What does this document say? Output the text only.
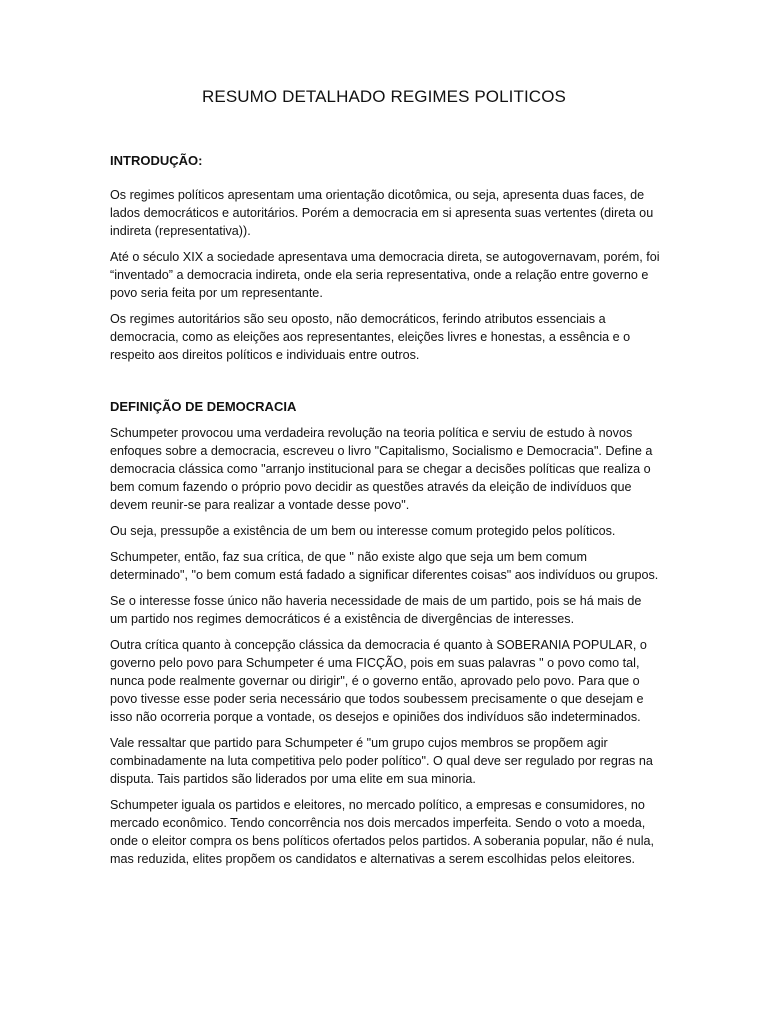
RESUMO DETALHADO REGIMES POLITICOS
INTRODUÇÃO:

Os regimes políticos apresentam uma orientação dicotômica, ou seja, apresenta duas faces, de lados democráticos e autoritários. Porém a democracia em si apresenta suas vertentes (direta ou indireta (representativa)).

Até o século XIX a sociedade apresentava uma democracia direta, se autogovernavam, porém, foi “inventado” a democracia indireta, onde ela seria representativa, onde a relação entre governo e povo seria feita por um representante.

Os regimes autoritários são seu oposto, não democráticos, ferindo atributos essenciais a democracia, como as eleições aos representantes, eleições livres e honestas, a essência e o respeito aos direitos políticos e individuais entre outros.

DEFINIÇÃO DE DEMOCRACIA

Schumpeter provocou uma verdadeira revolução na teoria política e serviu de estudo à novos enfoques sobre a democracia, escreveu o livro "Capitalismo, Socialismo e Democracia". Define a democracia clássica como "arranjo institucional para se chegar a decisões políticas que realiza o bem comum fazendo o próprio povo decidir as questões através da eleição de indivíduos que devem reunir-se para realizar a vontade desse povo".

Ou seja, pressupõe a existência de um bem ou interesse comum protegido pelos políticos.

Schumpeter, então, faz sua crítica, de que " não existe algo que seja um bem comum determinado", "o bem comum está fadado a significar diferentes coisas" aos indivíduos ou grupos.

Se o interesse fosse único não haveria necessidade de mais de um partido, pois se há mais de um partido nos regimes democráticos é a existência de divergências de interesses.

Outra crítica quanto à concepção clássica da democracia é quanto à SOBERANIA POPULAR, o governo pelo povo para Schumpeter é uma FICÇÃO, pois em suas palavras " o povo como tal, nunca pode realmente governar ou dirigir", é o governo então, aprovado pelo povo. Para que o povo tivesse esse poder seria necessário que todos soubessem precisamente o que desejam e isso não ocorreria porque a vontade, os desejos e opiniões dos indivíduos são indeterminados.

Vale ressaltar que partido para Schumpeter é "um grupo cujos membros se propõem agir combinadamente na luta competitiva pelo poder político". O qual deve ser regulado por regras na disputa. Tais partidos são liderados por uma elite em sua minoria.

Schumpeter iguala os partidos e eleitores, no mercado político, a empresas e consumidores, no mercado econômico. Tendo concorrência nos dois mercados imperfeita. Sendo o voto a moeda, onde o eleitor compra os bens políticos ofertados pelos partidos. A soberania popular, não é nula, mas reduzida, elites propõem os candidatos e alternativas a serem escolhidas pelos eleitores.
